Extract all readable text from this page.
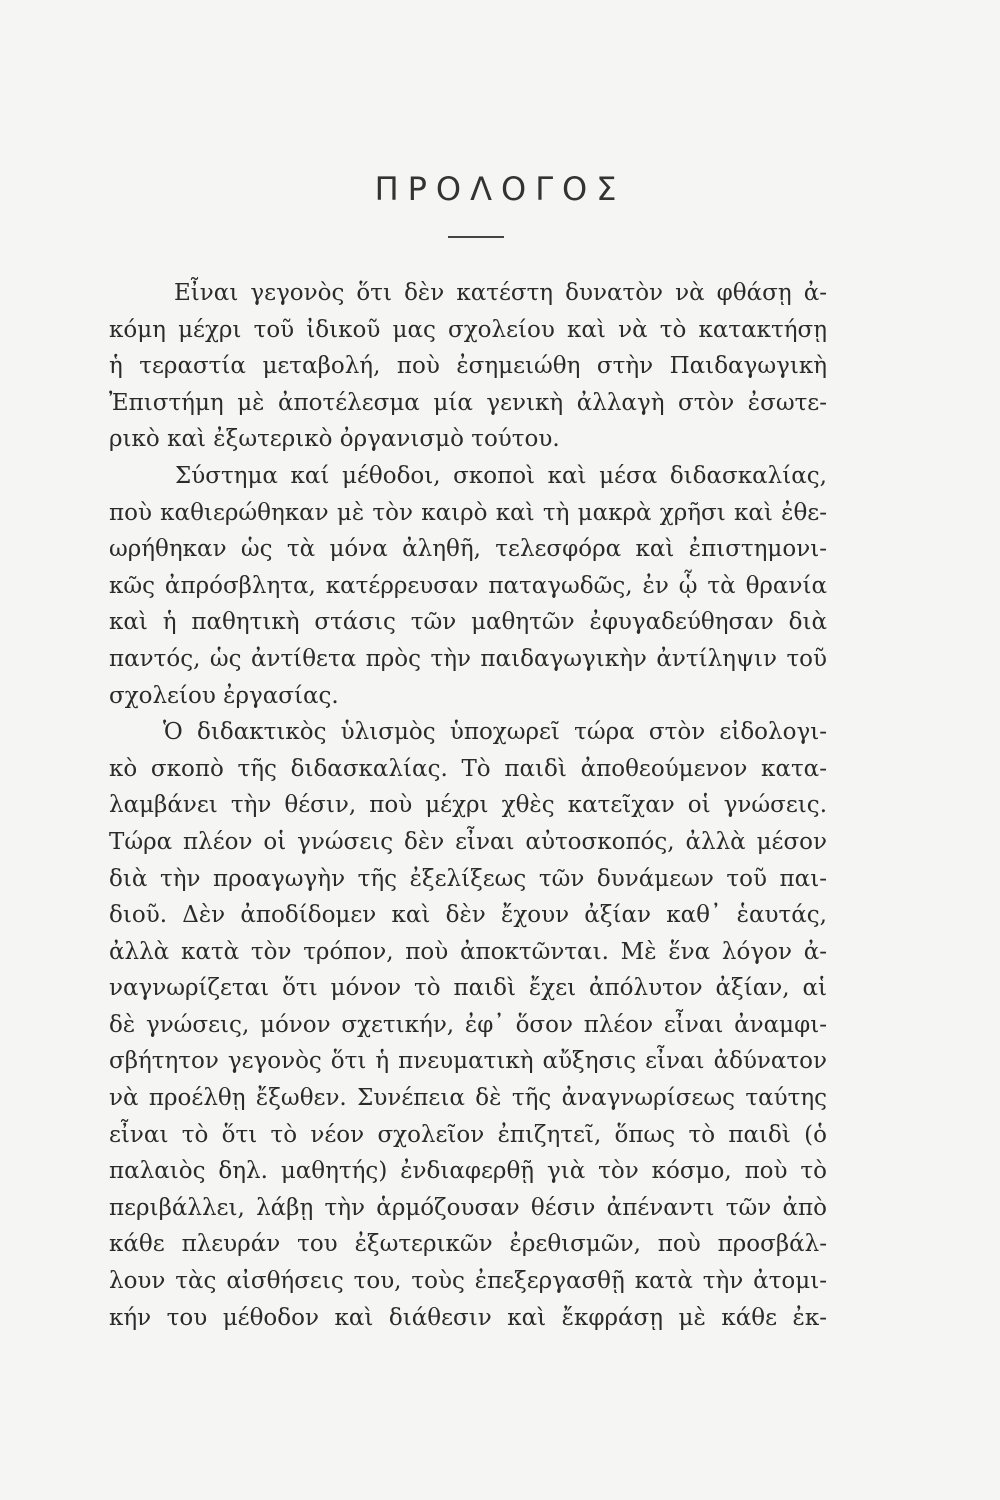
ΠΡΟΛΟΓΟΣ
Εἶναι γεγονὸς ὅτι δὲν κατέστη δυνατὸν νὰ φθάσῃ ἀ-
κόμη μέχρι τοῦ ἰδικοῦ μας σχολείου καὶ νὰ τὸ κατακτήσῃ
ἡ τεραστία μεταβολή, ποὺ ἐσημειώθη στὴν Παιδαγωγικὴ
Ἐπιστήμη μὲ ἀποτέλεσμα μία γενικὴ ἀλλαγὴ στὸν ἐσωτε-
ρικὸ καὶ ἐξωτερικὸ ὀργανισμὸ τούτου.
Σύστημα καί μέθοδοι, σκοποὶ καὶ μέσα διδασκαλίας,
ποὺ καθιερώθηκαν μὲ τὸν καιρὸ καὶ τὴ μακρὰ χρῆσι καὶ ἐθε-
ωρήθηκαν ὡς τὰ μόνα ἀληθῆ, τελεσφόρα καὶ ἐπιστημονι-
κῶς ἀπρόσβλητα, κατέρρευσαν παταγωδῶς, ἐν ᾧ τὰ θρανία
καὶ ἡ παθητικὴ στάσις τῶν μαθητῶν ἐφυγαδεύθησαν διὰ
παντός, ὡς ἀντίθετα πρὸς τὴν παιδαγωγικὴν ἀντίληψιν τοῦ
σχολείου ἐργασίας.
Ὁ διδακτικὸς ὑλισμὸς ὑποχωρεῖ τώρα στὸν εἰδολογι-
κὸ σκοπὸ τῆς διδασκαλίας. Τὸ παιδὶ ἀποθεούμενον κατα-
λαμβάνει τὴν θέσιν, ποὺ μέχρι χθὲς κατεῖχαν οἱ γνώσεις.
Τώρα πλέον οἱ γνώσεις δὲν εἶναι αὐτοσκοπός, ἀλλὰ μέσον
διὰ τὴν προαγωγὴν τῆς ἐξελίξεως τῶν δυνάμεων τοῦ παι-
διοῦ. Δὲν ἀποδίδομεν καὶ δὲν ἔχουν ἀξίαν καθ᾽ ἑαυτάς,
ἀλλὰ κατὰ τὸν τρόπον, ποὺ ἀποκτῶνται. Μὲ ἕνα λόγον ἀ-
ναγνωρίζεται ὅτι μόνον τὸ παιδὶ ἔχει ἀπόλυτον ἀξίαν, αἱ
δὲ γνώσεις, μόνον σχετικήν, ἐφ᾽ ὅσον πλέον εἶναι ἀναμφι-
σβήτητον γεγονὸς ὅτι ἡ πνευματικὴ αὔξησις εἶναι ἀδύνατον
νὰ προέλθῃ ἔξωθεν. Συνέπεια δὲ τῆς ἀναγνωρίσεως ταύτης
εἶναι τὸ ὅτι τὸ νέον σχολεῖον ἐπιζητεῖ, ὅπως τὸ παιδὶ (ὁ
παλαιὸς δηλ. μαθητής) ἐνδιαφερθῇ γιὰ τὸν κόσμο, ποὺ τὸ
περιβάλλει, λάβῃ τὴν ἁρμόζουσαν θέσιν ἀπέναντι τῶν ἀπὸ
κάθε πλευράν του ἐξωτερικῶν ἐρεθισμῶν, ποὺ προσβάλ-
λουν τὰς αἰσθήσεις του, τοὺς ἐπεξεργασθῇ κατὰ τὴν ἀτομι-
κήν του μέθοδον καὶ διάθεσιν καὶ ἔκφράσῃ μὲ κάθε ἐκ-
